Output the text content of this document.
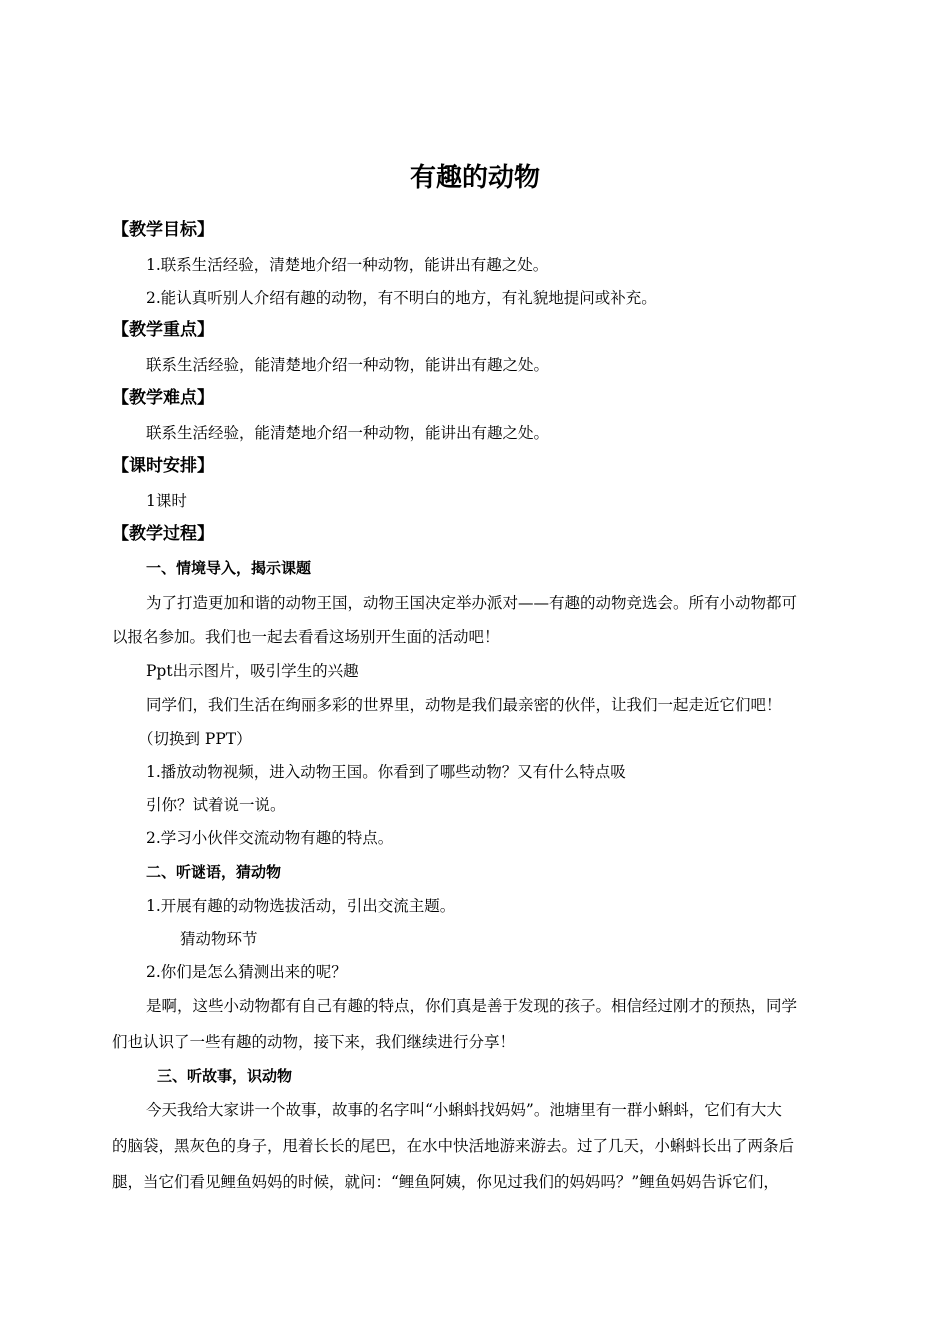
有趣的动物
【教学目标】

1.联系生活经验，清楚地介绍一种动物，能讲出有趣之处。

2.能认真听别人介绍有趣的动物，有不明白的地方，有礼貌地提问或补充。

【教学重点】

联系生活经验，能清楚地介绍一种动物，能讲出有趣之处。

【教学难点】

联系生活经验，能清楚地介绍一种动物，能讲出有趣之处。

【课时安排】

1课时

【教学过程】
一、情境导入，揭示课题

为了打造更加和谐的动物王国，动物王国决定举办派对——有趣的动物竞选会。所有小动物都可

以报名参加。我们也一起去看看这场别开生面的活动吧！

Ppt出示图片，吸引学生的兴趣

同学们，我们生活在绚丽多彩的世界里，动物是我们最亲密的伙伴，让我们一起走近它们吧！

（切换到 PPT）

1.播放动物视频，进入动物王国。你看到了哪些动物？又有什么特点吸

引你？试着说一说。

2.学习小伙伴交流动物有趣的特点。

二、听谜语，猜动物

1.开展有趣的动物选拔活动，引出交流主题。

猜动物环节

2.你们是怎么猜测出来的呢？

是啊，这些小动物都有自己有趣的特点，你们真是善于发现的孩子。相信经过刚才的预热，同学

们也认识了一些有趣的动物，接下来，我们继续进行分享！

三、听故事，识动物

今天我给大家讲一个故事，故事的名字叫“小蝌蚪找妈妈”。池塘里有一群小蝌蚪，它们有大大

的脑袋，黑灰色的身子，甩着长长的尾巴，在水中快活地游来游去。过了几天，小蝌蚪长出了两条后

腿，当它们看见鲤鱼妈妈的时候，就问：“鲤鱼阿姨，你见过我们的妈妈吗？”鲤鱼妈妈告诉它们，
